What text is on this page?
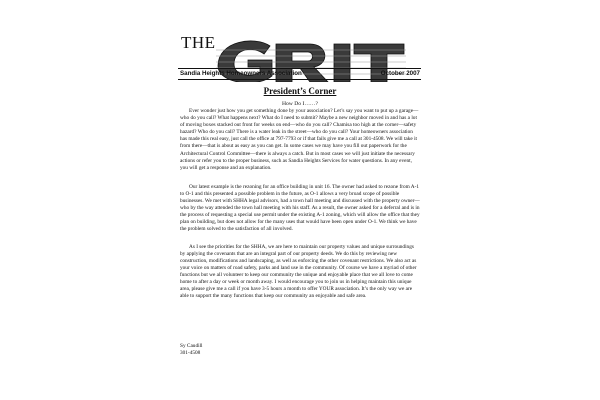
THE
Sandia Heights Homeowners Association	October 2007
President’s Corner
How Do I……?

Ever wonder just how you get something done by your association? Let’s say you want to put up a garage—who do you call? What happens next? What do I need to submit? Maybe a new neighbor moved in and has a lot of moving boxes stacked out front for weeks on end—who do you call? Chamisa too high at the corner—safety hazard? Who do you call? There is a water leak in the street—who do you call? Your homeowners association has made this real easy, just call the office at 797-7793 or if that fails give me a call at 301-4508. We will take it from there—that is about as easy as you can get. In some cases we may have you fill out paperwork for the Architectural Control Committee—there is always a catch. But in most cases we will just initiate the necessary actions or refer you to the proper business, such as Sandia Heights Services for water questions. In any event, you will get a response and an explanation.

Our latest example is the rezoning for an office building in unit 16. The owner had asked to rezone from A-1 to O-1 and this presented a possible problem in the future, as O-1 allows a very broad scope of possible businesses. We met with SHHA legal advisors, had a town hall meeting and discussed with the property owner—who by the way attended the town hall meeting with his staff. As a result, the owner asked for a deferral and is in the process of requesting a special use permit under the existing A-1 zoning, which will allow the office that they plan on building, but does not allow for the many uses that would have been open under O-1. We think we have the problem solved to the satisfaction of all involved.

As I see the priorities for the SHHA, we are here to maintain our property values and unique surroundings by applying the covenants that are an integral part of our property deeds. We do this by reviewing new construction, modifications and landscaping, as well as enforcing the other covenant restrictions. We also act as your voice on matters of road safety, parks and land use in the community. Of course we have a myriad of other functions but we all volunteer to keep our community the unique and enjoyable place that we all love to come home to after a day or week or month away. I would encourage you to join us in helping maintain this unique area, please give me a call if you have 3-5 hours a month to offer YOUR association. It’s the only way we are able to support the many functions that keep our community an enjoyable and safe area.

Sy Caudill
301-4508
